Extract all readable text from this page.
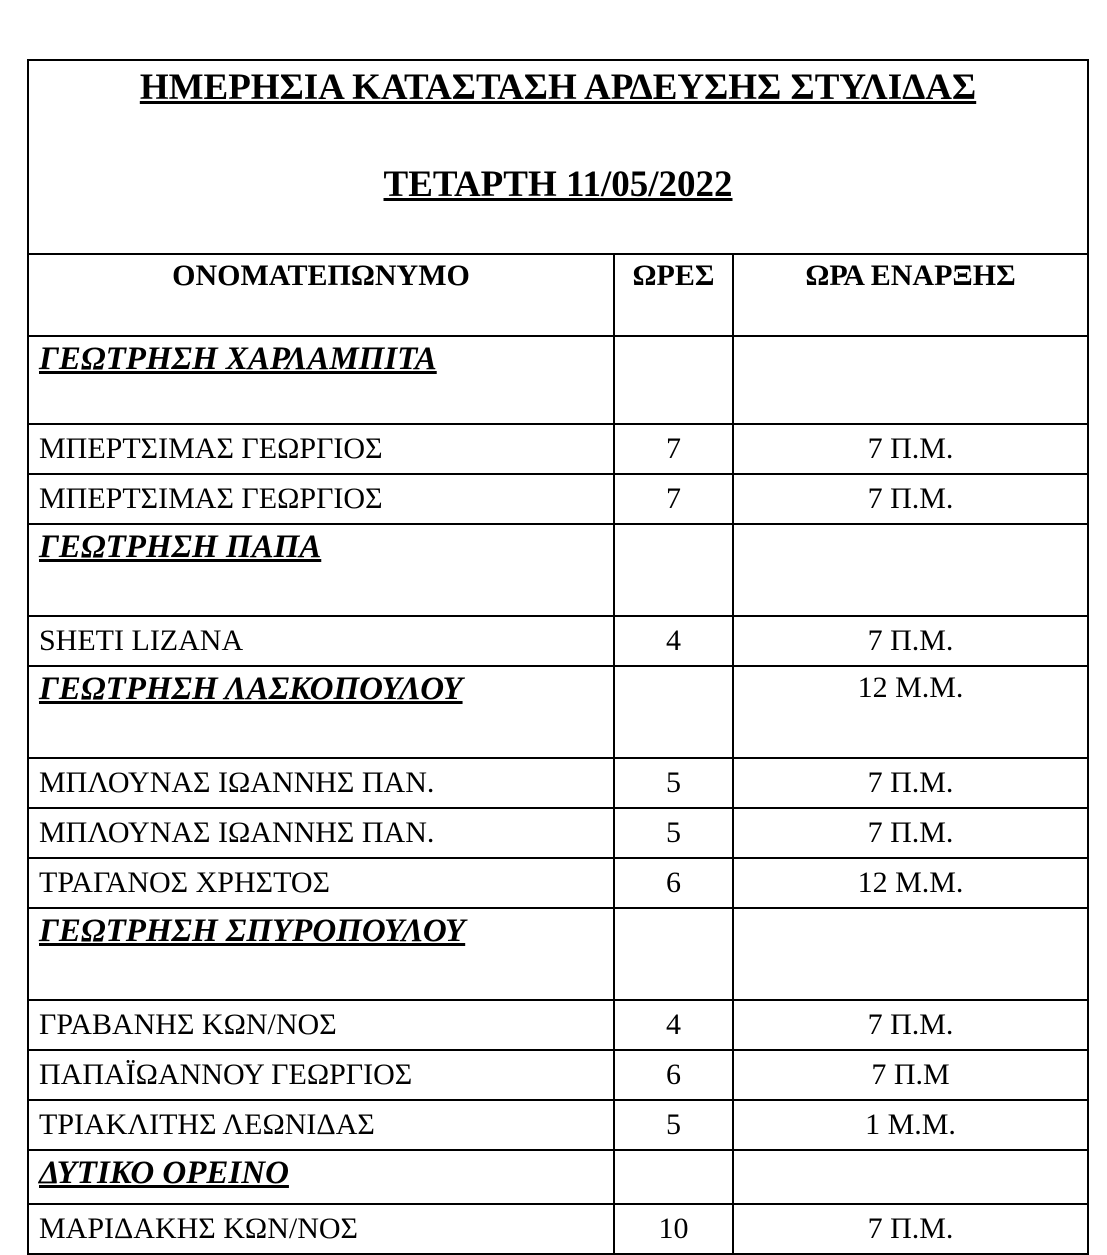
ΗΜΕΡΗΣΙΑ ΚΑΤΑΣΤΑΣΗ ΑΡΔΕΥΣΗΣ ΣΤΥΛΙΔΑΣ
ΤΕΤΑΡΤΗ 11/05/2022		

ΟΝΟΜΑΤΕΠΩΝΥΜΟ	ΩΡΕΣ	ΩΡΑ ΕΝΑΡΞΗΣ
ΓΕΩΤΡΗΣΗ ΧΑΡΛΑΜΠΙΤΑ		
ΜΠΕΡΤΣΙΜΑΣ ΓΕΩΡΓΙΟΣ	7	7 Π.Μ.
ΜΠΕΡΤΣΙΜΑΣ ΓΕΩΡΓΙΟΣ	7	7 Π.Μ.
ΓΕΩΤΡΗΣΗ ΠΑΠΑ		
SHETI LIZANA	4	7 Π.Μ.
ΓΕΩΤΡΗΣΗ ΛΑΣΚΟΠΟΥΛΟΥ		12 Μ.Μ.
ΜΠΛΟΥΝΑΣ ΙΩΑΝΝΗΣ ΠΑΝ.	5	7 Π.Μ.
ΜΠΛΟΥΝΑΣ ΙΩΑΝΝΗΣ ΠΑΝ.	5	7 Π.Μ.
ΤΡΑΓΑΝΟΣ ΧΡΗΣΤΟΣ	6	12 Μ.Μ.
ΓΕΩΤΡΗΣΗ ΣΠΥΡΟΠΟΥΛΟΥ		
ΓΡΑΒΑΝΗΣ ΚΩΝ/ΝΟΣ	4	7 Π.Μ.
ΠΑΠΑΪΩΑΝΝΟΥ ΓΕΩΡΓΙΟΣ	6	7 Π.Μ
ΤΡΙΑΚΛΙΤΗΣ ΛΕΩΝΙΔΑΣ	5	1 Μ.Μ.
ΔΥΤΙΚΟ ΟΡΕΙΝΟ		
ΜΑΡΙΔΑΚΗΣ ΚΩΝ/ΝΟΣ	10	7 Π.Μ.
